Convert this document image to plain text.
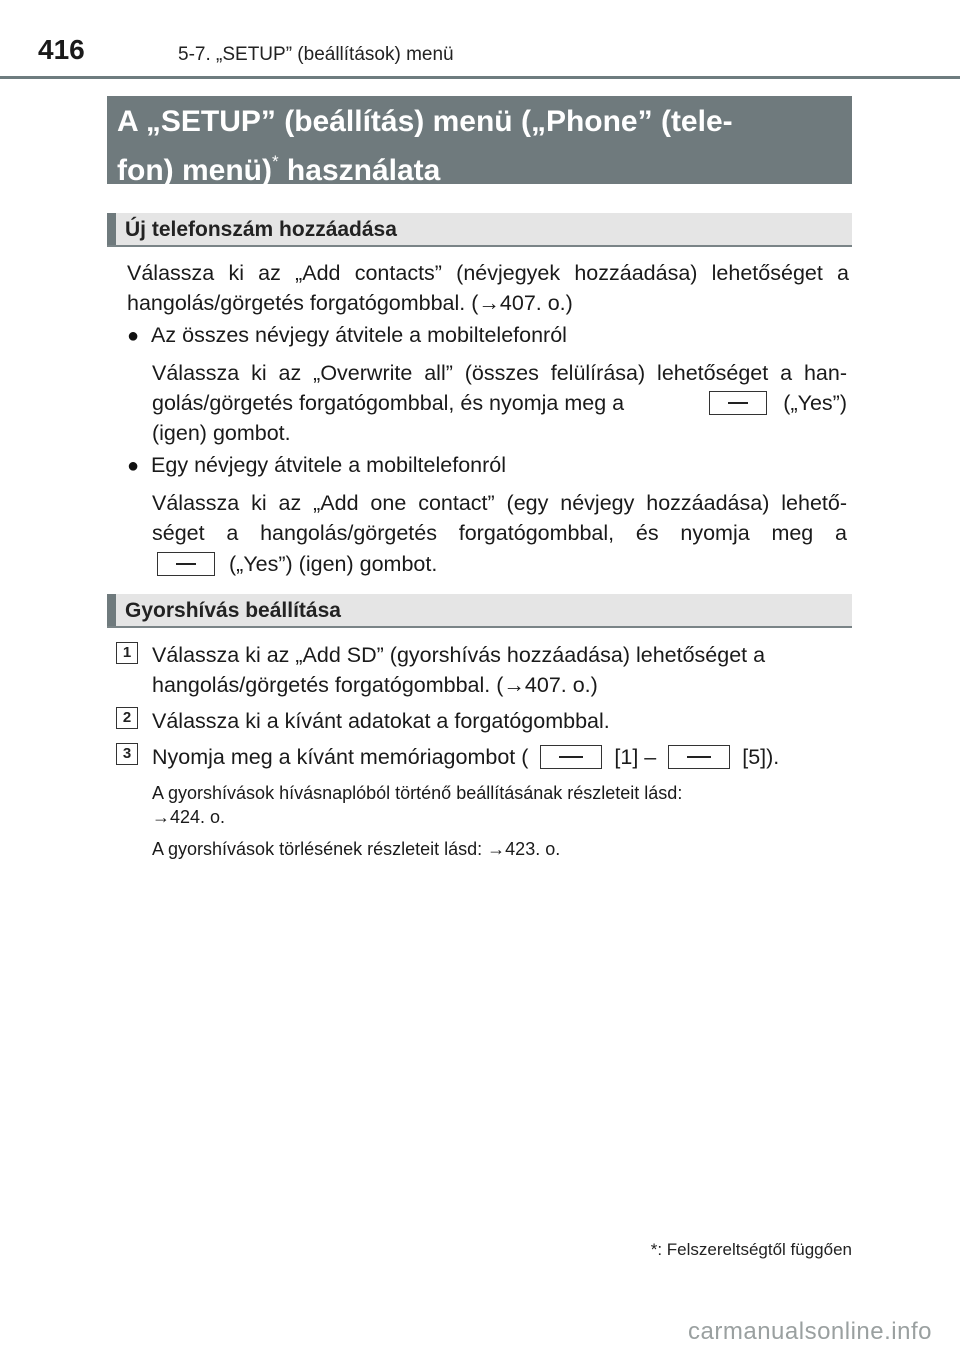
416	5-7. „SETUP” (beállítások) menü
A „SETUP” (beállítás) menü („Phone” (tele-
fon) menü)* használata
Új telefonszám hozzáadása
Válassza ki az „Add contacts” (névjegyek hozzáadása) lehetőséget a
hangolás/görgetés forgatógombbal. (→407. o.)
● Az összes névjegy átvitele a mobiltelefonról
Válassza ki az „Overwrite all” (összes felülírása) lehetőséget a han-
golás/görgetés forgatógombbal, és nyomja meg a	(„Yes”)
(igen) gombot.
● Egy névjegy átvitele a mobiltelefonról
Válassza ki az „Add one contact” (egy névjegy hozzáadása) lehető-
séget a hangolás/görgetés forgatógombbal, és nyomja meg a
(„Yes”) (igen) gombot.
Gyorshívás beállítása
1 Válassza ki az „Add SD” (gyorshívás hozzáadása) lehetőséget a
hangolás/görgetés forgatógombbal. (→407. o.)
2 Válassza ki a kívánt adatokat a forgatógombbal.
3 Nyomja meg a kívánt memóriagombot (	[1] –	[5]).
A gyorshívások hívásnaplóból történő beállításának részleteit lásd:
→424. o.
A gyorshívások törlésének részleteit lásd: →423. o.
*: Felszereltségtől függően
carmanualsonline.info
